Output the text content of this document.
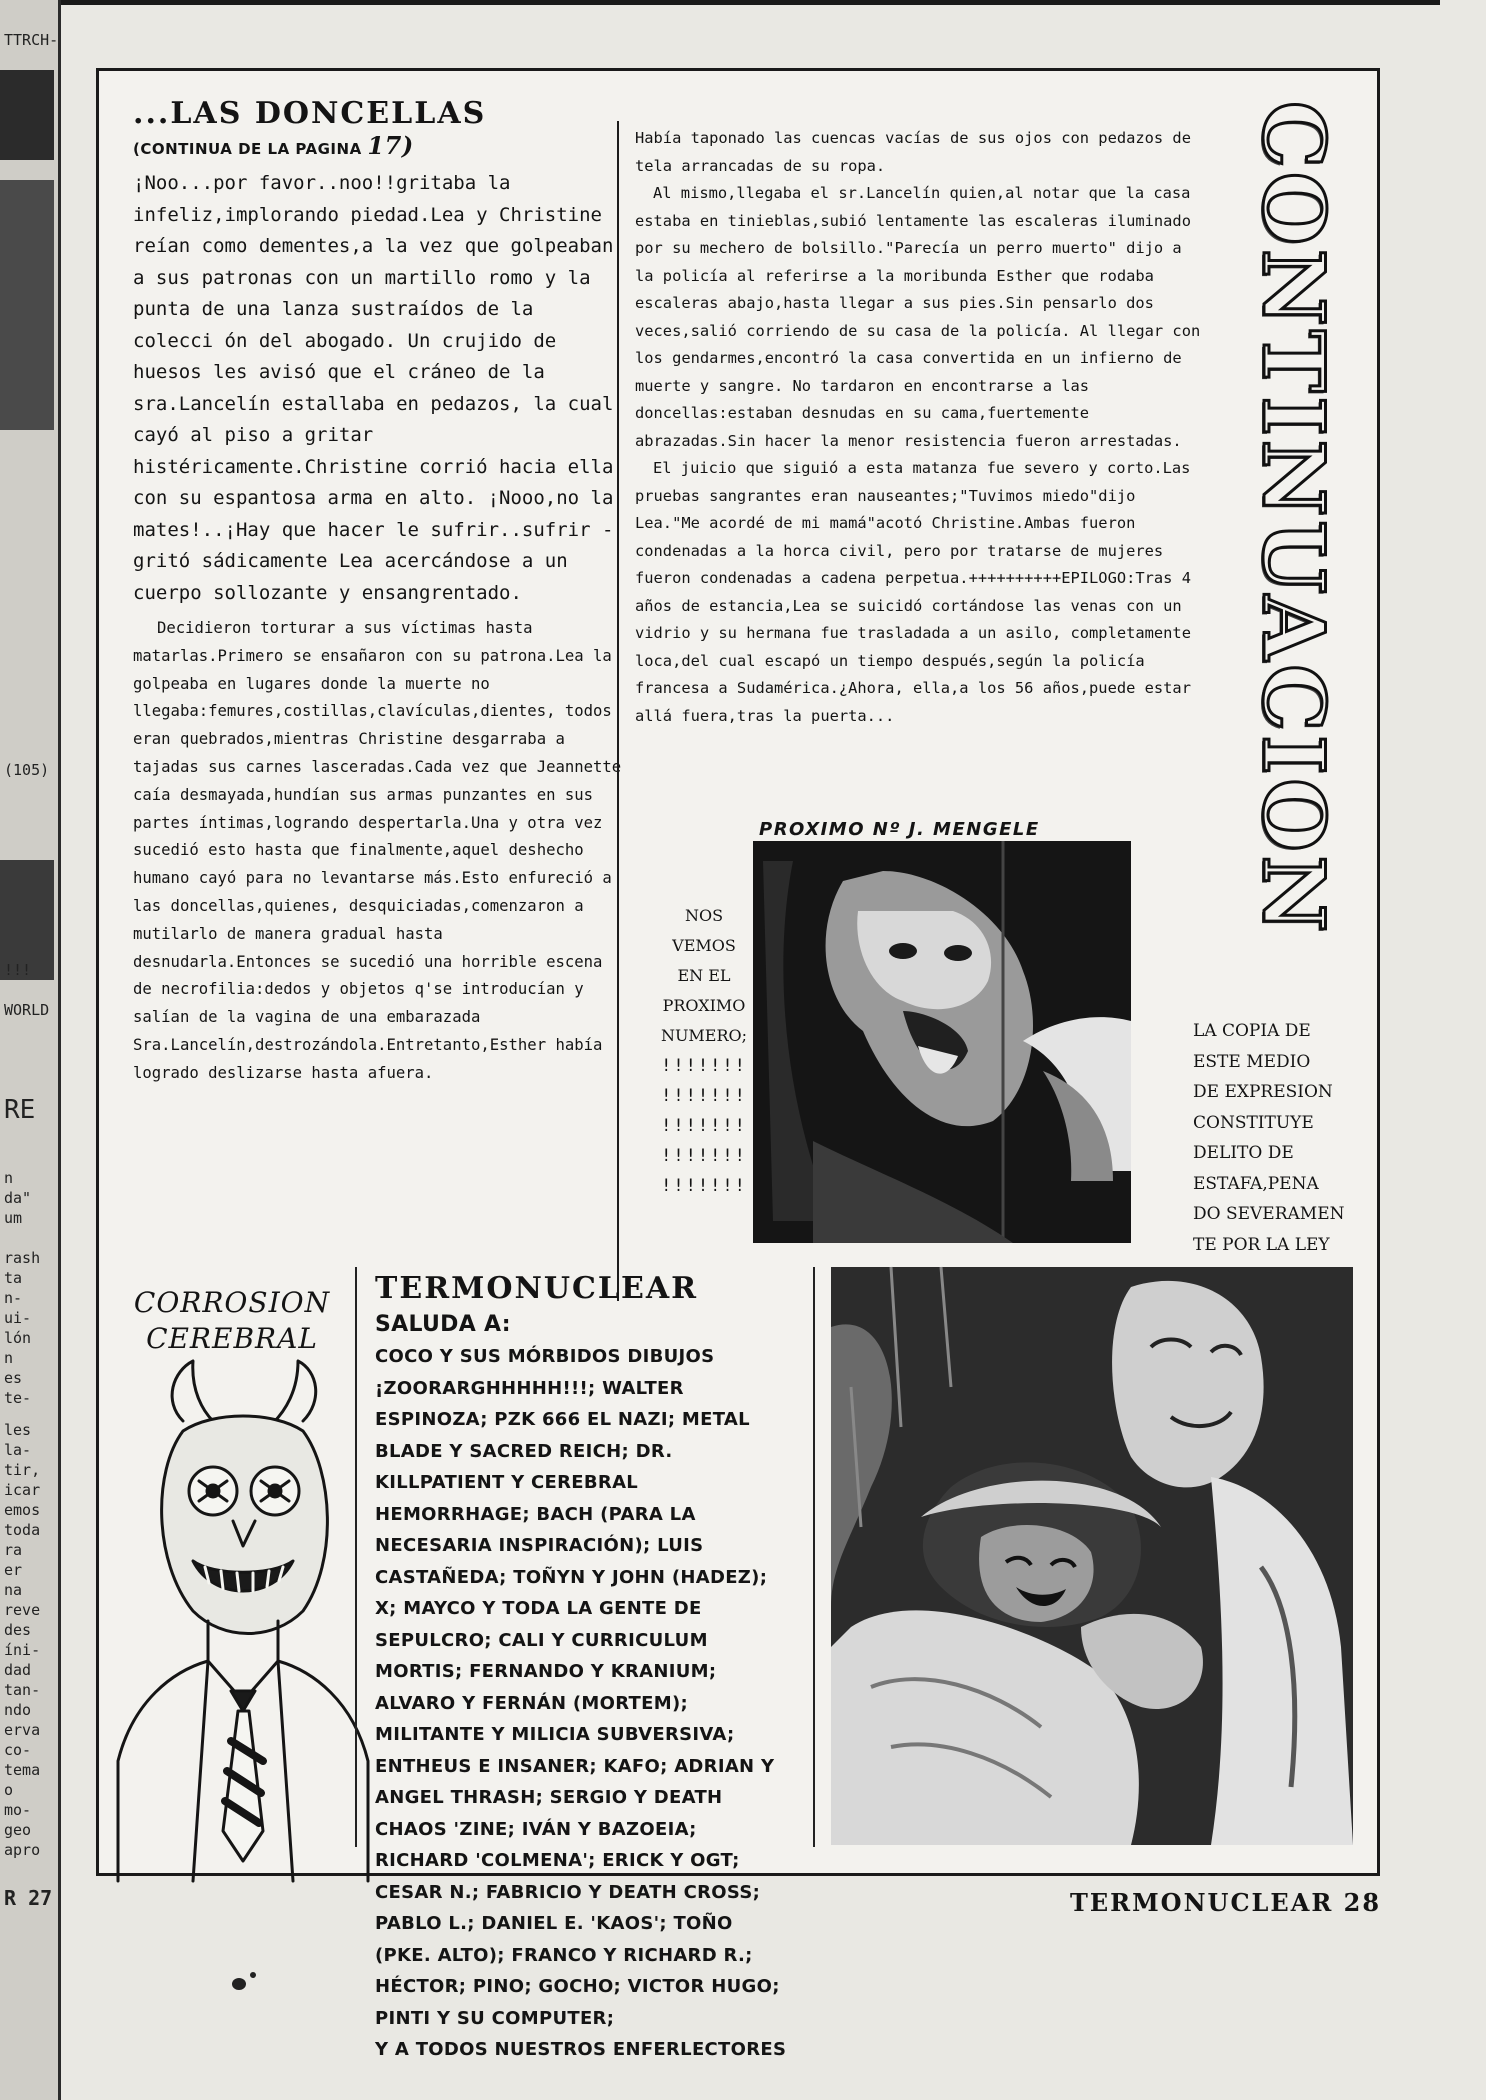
TTRCH-
(105)
!!!
WORLD
RE
n
da"
um
rash
ta
n-
ui-
lón
n
es
te-
les
la-
tir,
icar
emos
toda
ra
er
na
reve
des
íni-
dad
tan-
ndo
erva
co-
tema
o
mo-
geo
apro
R 27
...LAS DONCELLAS
(CONTINUA DE LA PAGINA 17)

¡Noo...por favor..noo!!gritaba la infeliz,implorando piedad.Lea y Christine reían como dementes,a la vez que golpeaban a sus patronas con un martillo romo y la punta de una lanza sustraídos de la colecci ón del abogado. Un crujido de huesos les avisó que el cráneo de la sra.Lancelín estallaba en pedazos, la cual cayó al piso a gritar histéricamente.Christine corrió hacia ella con su espantosa arma en alto. ¡Nooo,no la mates!..¡Hay que hacer le sufrir..sufrir -gritó sádicamente Lea acercándose a un cuerpo sollozante y ensangrentado.

Decidieron torturar a sus víctimas hasta matarlas.Primero se ensañaron con su patrona.Lea la golpeaba en lugares donde la muerte no llegaba:femures,costillas,clavículas,dientes, todos eran quebrados,mientras Christine desgarraba a tajadas sus carnes lasceradas.Cada vez que Jeannette caía desmayada,hundían sus armas punzantes en sus partes íntimas,logrando despertarla.Una y otra vez sucedió esto hasta que finalmente,aquel deshecho humano cayó para no levantarse más.Esto enfureció a las doncellas,quienes, desquiciadas,comenzaron a mutilarlo de manera gradual hasta desnudarla.Entonces se sucedió una horrible escena de necrofilia:dedos y objetos q'se introducían y salían de la vagina de una embarazada Sra.Lancelín,destrozándola.Entretanto,Esther había logrado deslizarse hasta afuera.

Había taponado las cuencas vacías de sus ojos con pedazos de tela arrancadas de su ropa.

Al mismo,llegaba el sr.Lancelín quien,al notar que la casa estaba en tinieblas,subió lentamente las escaleras iluminado por su mechero de bolsillo."Parecía un perro muerto" dijo a la policía al referirse a la moribunda Esther que rodaba escaleras abajo,hasta llegar a sus pies.Sin pensarlo dos veces,salió corriendo de su casa de la policía. Al llegar con los gendarmes,encontró la casa convertida en un infierno de muerte y sangre. No tardaron en encontrarse a las doncellas:estaban desnudas en su cama,fuertemente abrazadas.Sin hacer la menor resistencia fueron arrestadas.

El juicio que siguió a esta matanza fue severo y corto.Las pruebas sangrantes eran nauseantes;"Tuvimos miedo"dijo Lea."Me acordé de mi mamá"acotó Christine.Ambas fueron condenadas a la horca civil, pero por tratarse de mujeres fueron condenadas a cadena perpetua.++++++++++EPILOGO:Tras 4 años de estancia,Lea se suicidó cortándose las venas con un vidrio y su hermana fue trasladada a un asilo, completamente loca,del cual escapó un tiempo después,según la policía francesa a Sudamérica.¿Ahora, ella,a los 56 años,puede estar allá fuera,tras la puerta...	CONTINUACION
PROXIMO Nº J. MENGELE
NOS
VEMOS
EN EL
PROXIMO
NUMERO;
!!!!!!!
!!!!!!!
!!!!!!!
!!!!!!!
!!!!!!!
LA COPIA DE
ESTE MEDIO
DE EXPRESION
CONSTITUYE
DELITO DE
ESTAFA,PENA
DO SEVERAMEN
TE POR LA LEY
CORROSION
CEREBRAL
TERMONUCLEAR SALUDA A:
COCO Y SUS MÓRBIDOS DIBUJOS ¡ZOORARGHHHHH!!!; WALTER ESPINOZA; PZK 666 EL NAZI; METAL BLADE Y SACRED REICH; DR. KILLPATIENT Y CEREBRAL HEMORRHAGE; BACH (PARA LA NECESARIA INSPIRACIÓN); LUIS CASTAÑEDA; TOÑYN Y JOHN (HADEZ); X; MAYCO Y TODA LA GENTE DE SEPULCRO; CALI Y CURRICULUM MORTIS; FERNANDO Y KRANIUM; ALVARO Y FERNÁN (MORTEM); MILITANTE Y MILICIA SUBVERSIVA; ENTHEUS E INSANER; KAFO; ADRIAN Y ANGEL THRASH; SERGIO Y DEATH CHAOS 'ZINE; IVÁN Y BAZOEIA; RICHARD 'COLMENA'; ERICK Y OGT; CESAR N.; FABRICIO Y DEATH CROSS; PABLO L.; DANIEL E. 'KAOS'; TOÑO (PKE. ALTO); FRANCO Y RICHARD R.; HÉCTOR; PINO; GOCHO; VICTOR HUGO; PINTI Y SU COMPUTER;
Y A TODOS NUESTROS ENFERLECTORES
TERMONUCLEAR 28
